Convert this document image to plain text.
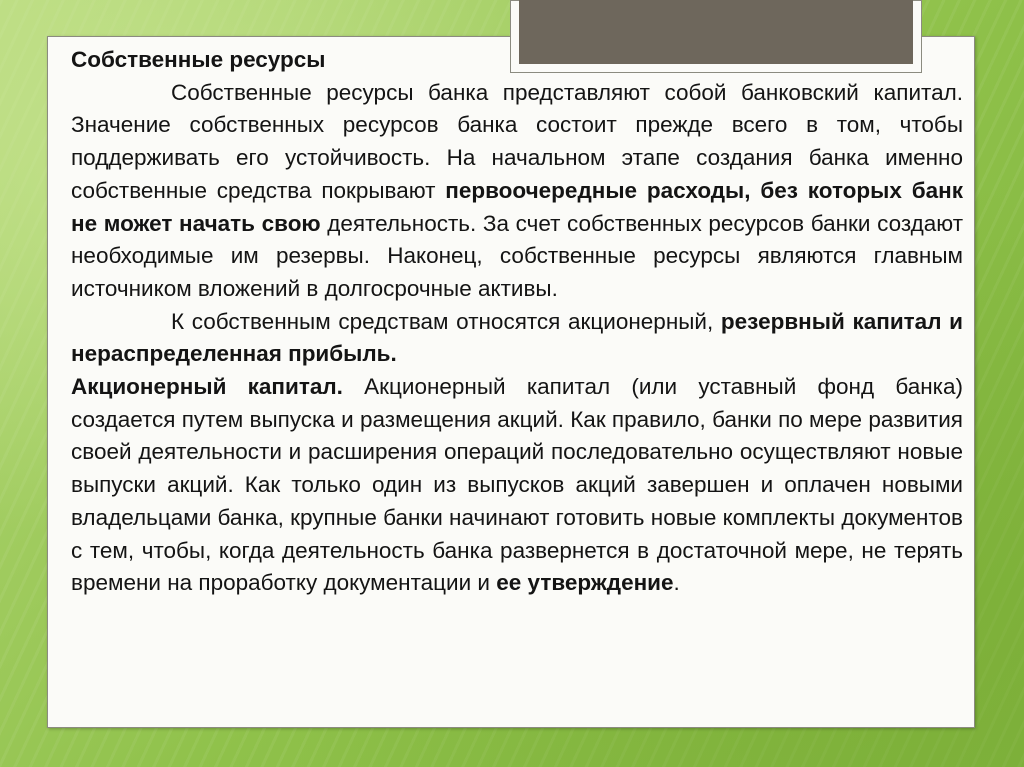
Собственные ресурсы
Собственные ресурсы банка представляют собой банковский капитал. Значение собственных ресурсов банка состоит прежде всего в том, чтобы поддерживать его устойчивость. На начальном этапе создания банка именно собственные средства покрывают первоочередные расходы, без которых банк не может начать свою деятельность. За счет собственных ресурсов банки создают необходимые им резервы. Наконец, собственные ресурсы являются главным источником вложений в долгосрочные активы.
К собственным средствам относятся акционерный, резервный капитал и нераспределенная прибыль.
Акционерный капитал. Акционерный капитал (или уставный фонд банка) создается путем выпуска и размещения акций. Как правило, банки по мере развития своей деятельности и расширения операций последовательно осуществляют новые выпуски акций. Как только один из выпусков акций завершен и оплачен новыми владельцами банка, крупные банки начинают готовить новые комплекты документов с тем, чтобы, когда деятельность банка развернется в достаточной мере, не терять времени на проработку документации и ее утверждение.
